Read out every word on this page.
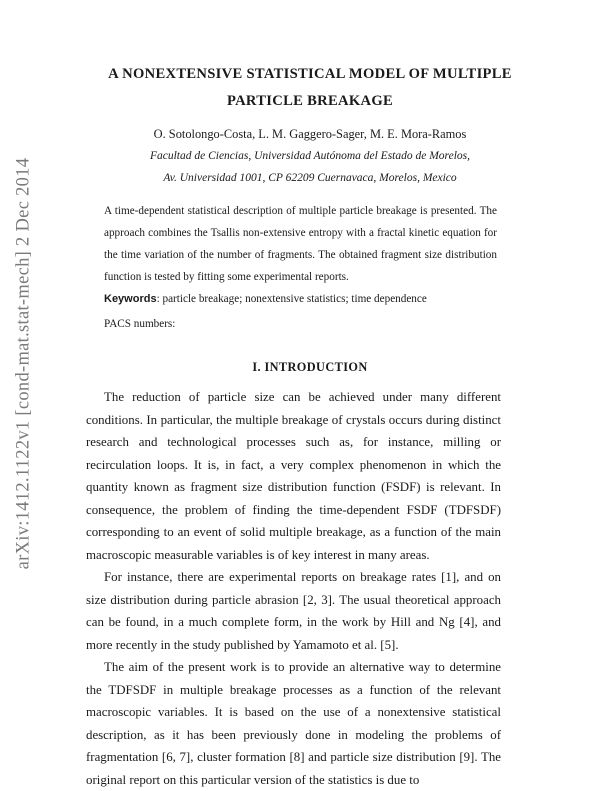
arXiv:1412.1122v1 [cond-mat.stat-mech] 2 Dec 2014
A NONEXTENSIVE STATISTICAL MODEL OF MULTIPLE
PARTICLE BREAKAGE
O. Sotolongo-Costa, L. M. Gaggero-Sager, M. E. Mora-Ramos
Facultad de Ciencias, Universidad Autónoma del Estado de Morelos,
Av. Universidad 1001, CP 62209 Cuernavaca, Morelos, Mexico

A time-dependent statistical description of multiple particle breakage is presented. The approach combines the Tsallis non-extensive entropy with a fractal kinetic equation for the time variation of the number of fragments. The obtained fragment size distribution function is tested by fitting some experimental reports.

Keywords: particle breakage; nonextensive statistics; time dependence

PACS numbers:
I. INTRODUCTION

The reduction of particle size can be achieved under many different conditions. In particular, the multiple breakage of crystals occurs during distinct research and technological processes such as, for instance, milling or recirculation loops. It is, in fact, a very complex phenomenon in which the quantity known as fragment size distribution function (FSDF) is relevant. In consequence, the problem of finding the time-dependent FSDF (TDFSDF) corresponding to an event of solid multiple breakage, as a function of the main macroscopic measurable variables is of key interest in many areas.

For instance, there are experimental reports on breakage rates [1], and on size distribution during particle abrasion [2, 3]. The usual theoretical approach can be found, in a much complete form, in the work by Hill and Ng [4], and more recently in the study published by Yamamoto et al. [5].

The aim of the present work is to provide an alternative way to determine the TDFSDF in multiple breakage processes as a function of the relevant macroscopic variables. It is based on the use of a nonextensive statistical description, as it has been previously done in modeling the problems of fragmentation [6, 7], cluster formation [8] and particle size distribution [9]. The original report on this particular version of the statistics is due to
